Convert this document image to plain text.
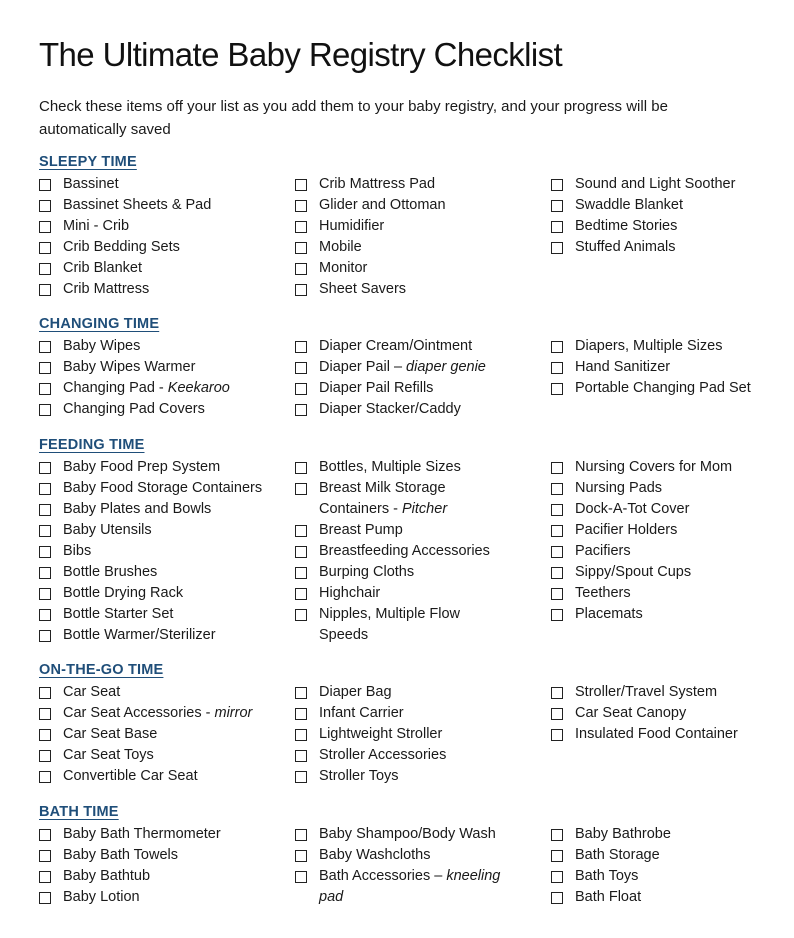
The Ultimate Baby Registry Checklist
Check these items off your list as you add them to your baby registry, and your progress will be automatically saved
SLEEPY TIME
Bassinet
Bassinet Sheets & Pad
Mini - Crib
Crib Bedding Sets
Crib Blanket
Crib Mattress
Crib Mattress Pad
Glider and Ottoman
Humidifier
Mobile
Monitor
Sheet Savers
Sound and Light Soother
Swaddle Blanket
Bedtime Stories
Stuffed Animals
CHANGING TIME
Baby Wipes
Baby Wipes Warmer
Changing Pad - Keekaroo
Changing Pad Covers
Diaper Cream/Ointment
Diaper Pail – diaper genie
Diaper Pail Refills
Diaper Stacker/Caddy
Diapers, Multiple Sizes
Hand Sanitizer
Portable Changing Pad Set
FEEDING TIME
Baby Food Prep System
Baby Food Storage Containers
Baby Plates and Bowls
Baby Utensils
Bibs
Bottle Brushes
Bottle Drying Rack
Bottle Starter Set
Bottle Warmer/Sterilizer
Bottles, Multiple Sizes
Breast Milk Storage
Containers - Pitcher
Breast Pump
Breastfeeding Accessories
Burping Cloths
Highchair
Nipples, Multiple Flow
Speeds
Nursing Covers for Mom
Nursing Pads
Dock-A-Tot Cover
Pacifier Holders
Pacifiers
Sippy/Spout Cups
Teethers
Placemats
ON-THE-GO TIME
Car Seat
Car Seat Accessories - mirror
Car Seat Base
Car Seat Toys
Convertible Car Seat
Diaper Bag
Infant Carrier
Lightweight Stroller
Stroller Accessories
Stroller Toys
Stroller/Travel System
Car Seat Canopy
Insulated Food Container
BATH TIME
Baby Bath Thermometer
Baby Bath Towels
Baby Bathtub
Baby Lotion
Baby Shampoo/Body Wash
Baby Washcloths
Bath Accessories – kneeling
pad
Baby Bathrobe
Bath Storage
Bath Toys
Bath Float
